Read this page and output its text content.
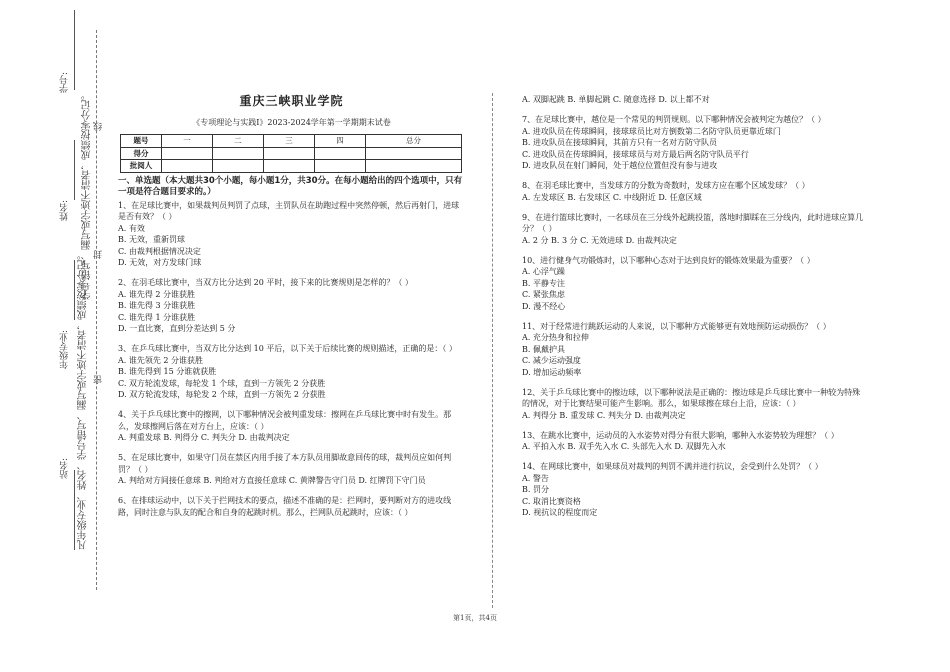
学号:
学号错写、漏写或字迹不清者，成绩按零分记。 线
姓名:
封
年级专业: 凡年级专业、姓名、学号错写、漏写或字迹不清者，成绩按零分记。 密
站名:
重庆三峡职业学院
《专项理论与实践Ⅰ》2023-2024学年第一学期期末试卷
题号	一	二	三	四	总分
得分					
批阅人					
一、单选题（本大题共30个小题，每小题1分，共30分。在每小题给出的四个选项中，只有一项是符合题目要求的。）

1、在足球比赛中，如果裁判员判罚了点球，主罚队员在助跑过程中突然停顿，然后再射门，进球是否有效？（ ）

A. 有效

B. 无效，重新罚球

C. 由裁判根据情况决定

D. 无效，对方发球门球

2、在羽毛球比赛中，当双方比分达到 20 平时，接下来的比赛规则是怎样的？（ ）

A. 谁先得 2 分谁获胜

B. 谁先得 3 分谁获胜

C. 谁先得 1 分谁获胜

D. 一直比赛，直到分差达到 5 分

3、在乒乓球比赛中，当双方比分达到 10 平后，以下关于后续比赛的规则描述，正确的是：（ ）

A. 谁先领先 2 分谁获胜

B. 谁先得到 15 分谁就获胜

C. 双方轮流发球，每轮发 1 个球，直到一方领先 2 分获胜

D. 双方轮流发球，每轮发 2 个球，直到一方领先 2 分获胜

4、关于乒乓球比赛中的擦网，以下哪种情况会被判重发球：擦网在乒乓球比赛中时有发生。那么，发球擦网后落在对方台上，应该：（ ）

A. 判重发球 B. 判得分 C. 判失分 D. 由裁判决定

5、在足球比赛中，如果守门员在禁区内用手接了本方队员用脚故意回传的球，裁判员应如何判罚？（ ）

A. 判给对方间接任意球 B. 判给对方直接任意球 C. 黄牌警告守门员 D. 红牌罚下守门员

6、在排球运动中，以下关于拦网技术的要点，描述不准确的是：拦网时，要判断对方的进攻线路，同时注意与队友的配合和自身的起跳时机。那么，拦网队员起跳时，应该：（ ）

A. 双脚起跳 B. 单脚起跳 C. 随意选择 D. 以上都不对

7、在足球比赛中，越位是一个常见的判罚规则。以下哪种情况会被判定为越位？（ ）

A. 进攻队员在传球瞬间，接球球员比对方倒数第二名防守队员更靠近球门

B. 进攻队员在接球瞬间，其前方只有一名对方防守队员

C. 进攻队员在传球瞬间，接球球员与对方最后两名防守队员平行

D. 进攻队员在射门瞬间，处于越位位置但没有参与进攻

8、在羽毛球比赛中，当发球方的分数为奇数时，发球方应在哪个区域发球？（ ）

A. 左发球区 B. 右发球区 C. 中线附近 D. 任意区域

9、在进行篮球比赛时，一名球员在三分线外起跳投篮，落地时脚踩在三分线内，此时进球应算几分？（ ）

A. 2 分 B. 3 分 C. 无效进球 D. 由裁判决定

10、进行健身气功锻炼时，以下哪种心态对于达到良好的锻炼效果最为重要？（ ）

A. 心浮气躁

B. 平静专注

C. 紧张焦虑

D. 漫不经心

11、对于经常进行跳跃运动的人来说，以下哪种方式能够更有效地预防运动损伤？（ ）

A. 充分热身和拉伸

B. 佩戴护具

C. 减少运动强度

D. 增加运动频率

12、关于乒乓球比赛中的擦边球，以下哪种说法是正确的：擦边球是乒乓球比赛中一种较为特殊的情况，对于比赛结果可能产生影响。那么，如果球擦在球台上沿，应该：（ ）

A. 判得分 B. 重发球 C. 判失分 D. 由裁判决定

13、在跳水比赛中，运动员的入水姿势对得分有很大影响，哪种入水姿势较为理想？（ ）

A. 平拍入水 B. 双手先入水 C. 头部先入水 D. 双脚先入水

14、在网球比赛中，如果球员对裁判的判罚不满并进行抗议，会受到什么处罚？（ ）

A. 警告

B. 罚分

C. 取消比赛资格

D. 视抗议的程度而定

第1页，共4页
